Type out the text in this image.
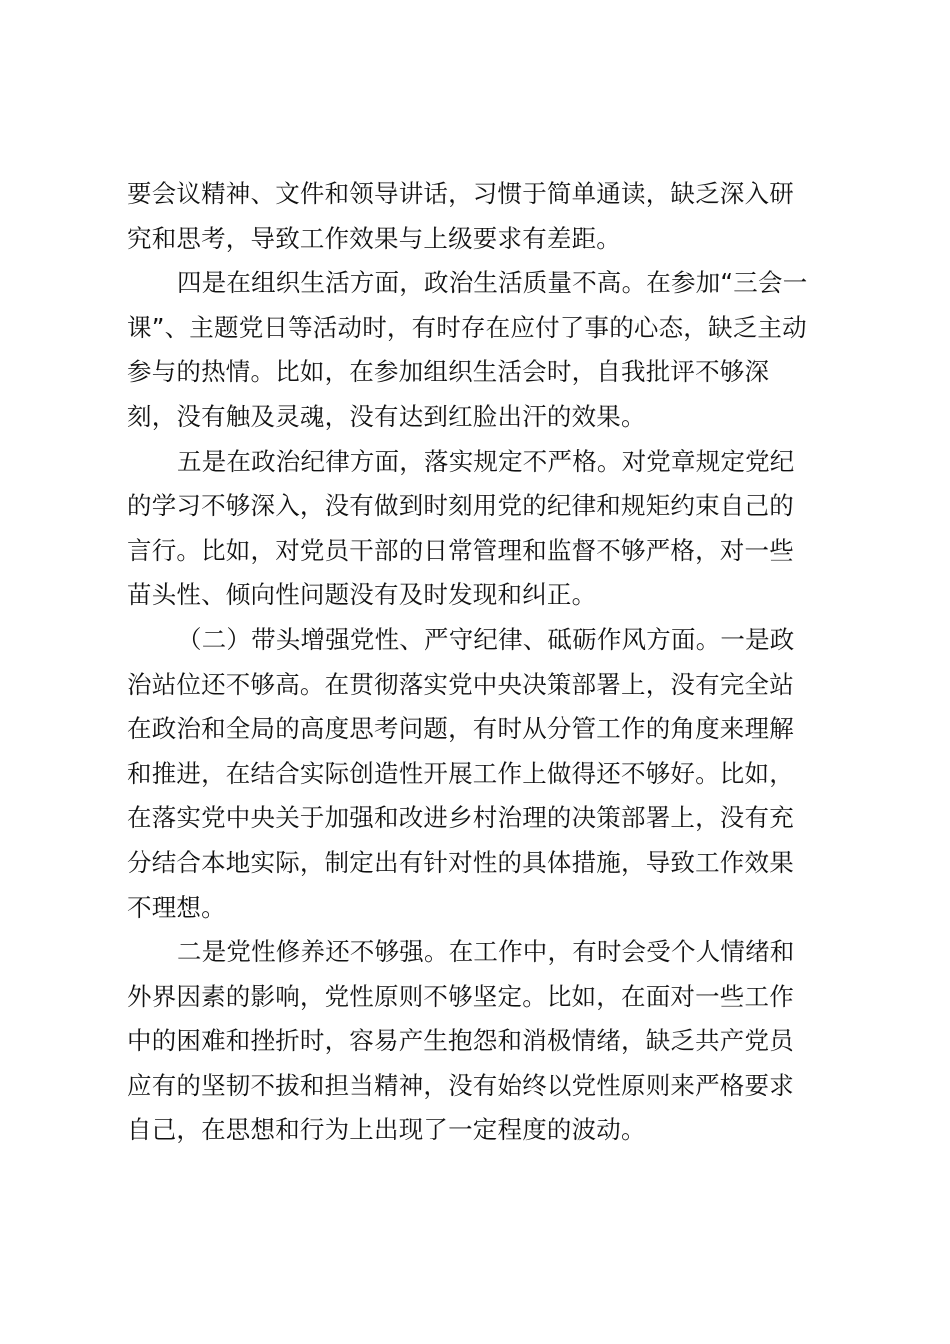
要会议精神、文件和领导讲话，习惯于简单通读，缺乏深入研
究和思考，导致工作效果与上级要求有差距。
四是在组织生活方面，政治生活质量不高。在参加“三会一
课”、主题党日等活动时，有时存在应付了事的心态，缺乏主动
参与的热情。比如，在参加组织生活会时，自我批评不够深
刻，没有触及灵魂，没有达到红脸出汗的效果。
五是在政治纪律方面，落实规定不严格。对党章规定党纪
的学习不够深入，没有做到时刻用党的纪律和规矩约束自己的
言行。比如，对党员干部的日常管理和监督不够严格，对一些
苗头性、倾向性问题没有及时发现和纠正。
（二）带头增强党性、严守纪律、砥砺作风方面。一是政
治站位还不够高。在贯彻落实党中央决策部署上，没有完全站
在政治和全局的高度思考问题，有时从分管工作的角度来理解
和推进，在结合实际创造性开展工作上做得还不够好。比如，
在落实党中央关于加强和改进乡村治理的决策部署上，没有充
分结合本地实际，制定出有针对性的具体措施，导致工作效果
不理想。
二是党性修养还不够强。在工作中，有时会受个人情绪和
外界因素的影响，党性原则不够坚定。比如，在面对一些工作
中的困难和挫折时，容易产生抱怨和消极情绪，缺乏共产党员
应有的坚韧不拔和担当精神，没有始终以党性原则来严格要求
自己，在思想和行为上出现了一定程度的波动。
